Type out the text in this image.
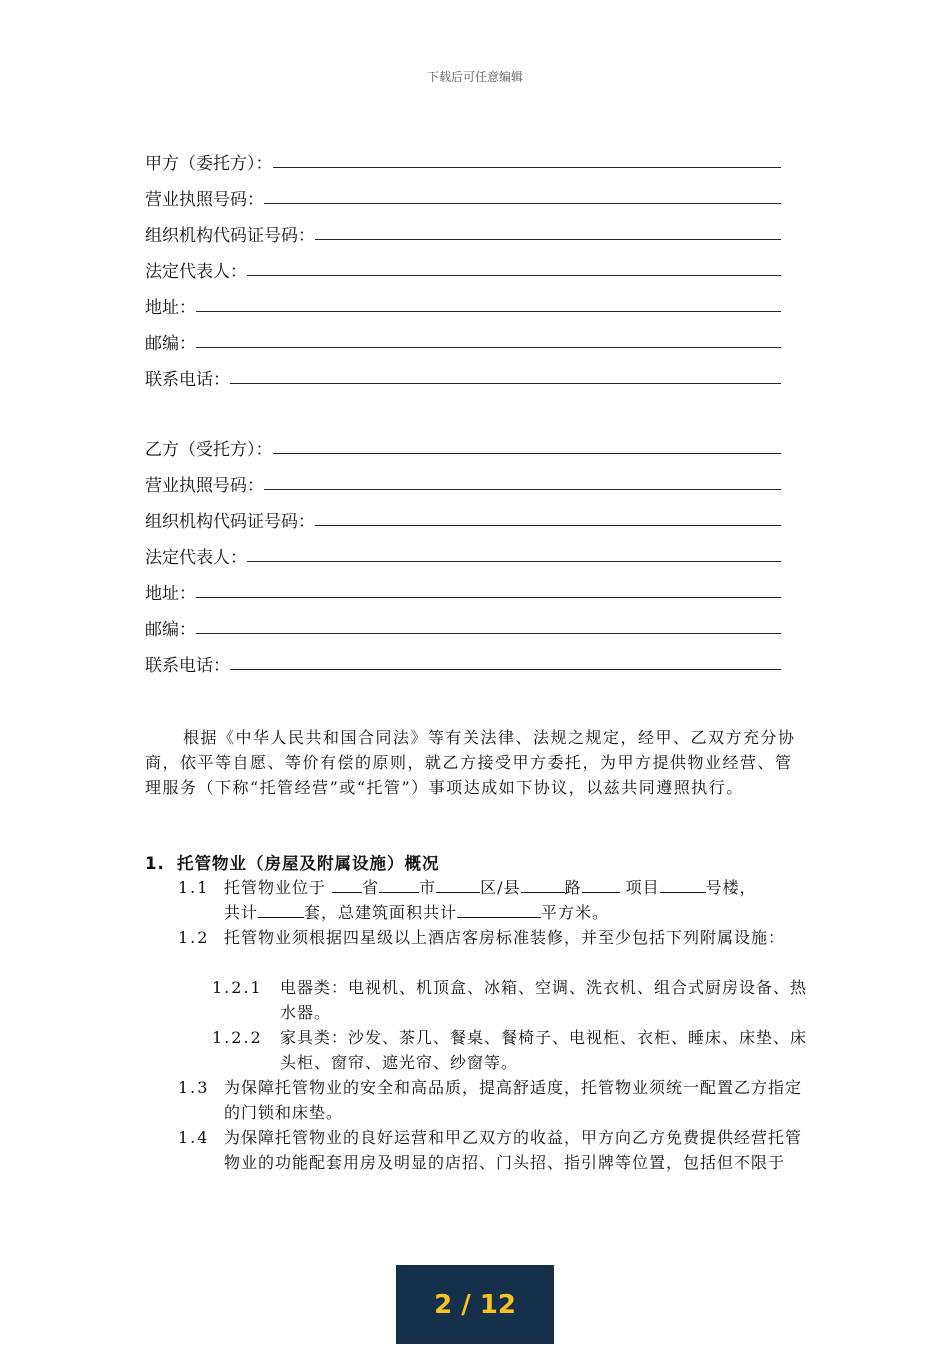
下载后可任意编辑
甲方（委托方）：
营业执照号码：
组织机构代码证号码：
法定代表人：
地址：
邮编：
联系电话：
乙方（受托方）：
营业执照号码：
组织机构代码证号码：
法定代表人：
地址：
邮编：
联系电话：

根据《中华人民共和国合同法》等有关法律、法规之规定，经甲、乙双方充分协商，依平等自愿、等价有偿的原则，就乙方接受甲方委托，为甲方提供物业经营、管理服务（下称“托管经营”或“托管”）事项达成如下协议，以兹共同遵照执行。

1. 托管物业（房屋及附属设施）概况
1.1 托管物业位于 省	市	区/县	路 项目	号楼，
共计	套，总建筑面积共计	平方米。
1.2 托管物业须根据四星级以上酒店客房标准装修，并至少包括下列附属设施：

1.2.1 电器类：电视机、机顶盒、冰箱、空调、洗衣机、组合式厨房设备、热水器。

1.2.2 家具类：沙发、茶几、餐桌、餐椅子、电视柜、衣柜、睡床、床垫、床头柜、窗帘、遮光帘、纱窗等。

1.3 为保障托管物业的安全和高品质，提高舒适度，托管物业须统一配置乙方指定的门锁和床垫。

1.4 为保障托管物业的良好运营和甲乙双方的收益，甲方向乙方免费提供经营托管物业的功能配套用房及明显的店招、门头招、指引牌等位置，包括但不限于

2 / 12
